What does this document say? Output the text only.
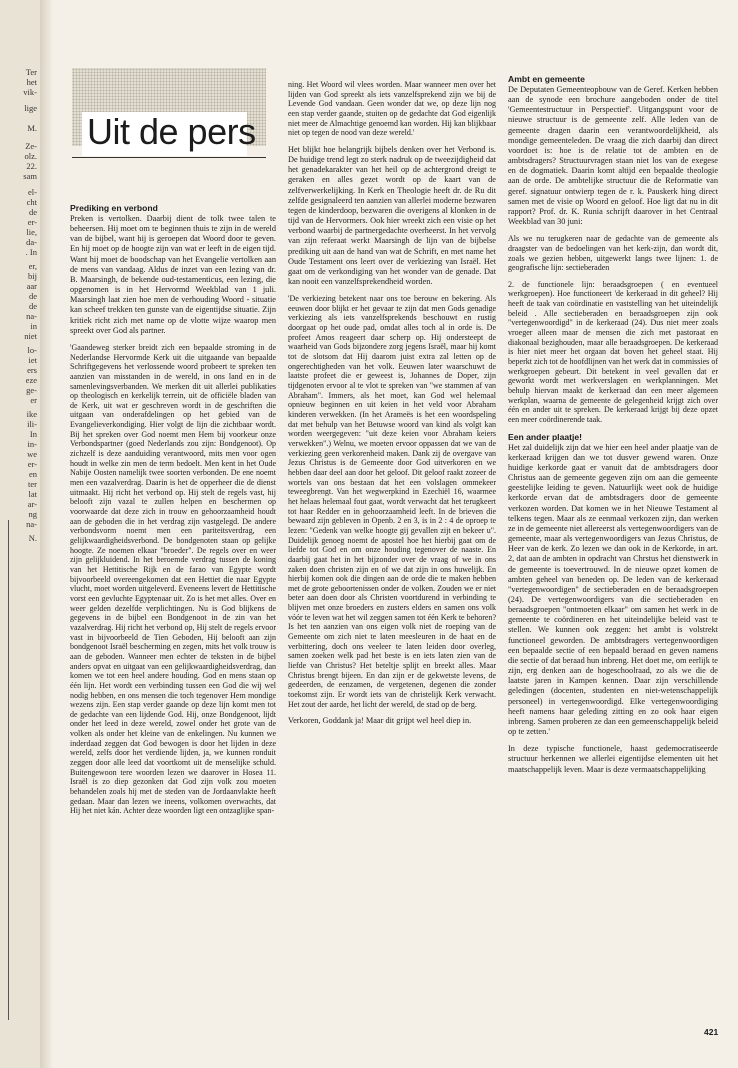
Ter
het
vik-
lige
M.
Ze-
olz.
22.
sam
el-
cht
de
er-
lie,
da-
. In
er,
bij
aar
de
de
na-
in
niet
lo-
iet
ers
eze
ge-
er
ike
ili-
In
in-
we
er-
en
ter
lat
ar-
ng
na-
N.
Uit de pers
Prediking en verbond

Preken is vertolken. Daarbij dient de tolk twee talen te beheersen. Hij moet om te beginnen thuis te zijn in de wereld van de bijbel, want hij is geroepen dat Woord door te geven. En hij moet op de hoogte zijn van wat er leeft in de eigen tijd. Want hij moet de boodschap van het Evangelie vertolken aan de mens van vandaag. Aldus de inzet van een lezing van dr. B. Maarsingh, de bekende oud-testamenticus, een lezing, die opgenomen is in het Hervormd Weekblad van 1 juli. Maarsingh laat zien hoe men de verhouding Woord - situatie kan scheef trekken ten gunste van de eigentijdse situatie. Zijn kritiek richt zich met name op de vlotte wijze waarop men spreekt over God als partner.

'Gaandeweg sterker breidt zich een bepaalde stroming in de Nederlandse Hervormde Kerk uit die uitgaande van bepaalde Schriftgegevens het verlossende woord probeert te spreken ten aanzien van misstanden in de wereld, in ons land en in de samenlevingsverbanden. We merken dit uit allerlei publikaties op theologisch en kerkelijk terrein, uit de officiële bladen van de Kerk, uit wat er geschreven wordt in de geschriften die uitgaan van onderafdelingen op het gebied van de Evangelieverkondiging. Hier volgt de lijn die zichtbaar wordt. Bij het spreken over God noemt men Hem bij voorkeur onze Verbondspartner (goed Nederlands zou zijn: Bondgenoot). Op zichzelf is deze aanduiding verantwoord, mits men voor ogen houdt in welke zin men de term bedoelt. Men kent in het Oude Nabije Oosten namelijk twee soorten verbonden. De ene noemt men een vazalverdrag. Daarin is het de opperheer die de dienst uitmaakt. Hij richt het verbond op. Hij stelt de regels vast, hij belooft zijn vazal te zullen helpen en beschermen op voorwaarde dat deze zich in trouw en gehoorzaamheid houdt aan de geboden die in het verdrag zijn vastgelegd. De andere verbondsvorm noemt men een pariteitsverdrag, een gelijkwaardigheidsverbond. De bondgenoten staan op gelijke hoogte. Ze noemen elkaar "broeder". De regels over en weer zijn gelijkluidend. In het beroemde verdrag tussen de koning van het Hettitische Rijk en de farao van Egypte wordt bijvoorbeeld overeengekomen dat een Hettiet die naar Egypte vlucht, moet worden uitgeleverd. Eveneens levert de Hettitische vorst een gevluchte Egyptenaar uit. Zo is het met alles. Over en weer gelden dezelfde verplichtingen. Nu is God blijkens de gegevens in de bijbel een Bondgenoot in de zin van het vazalverdrag. Hij richt het verbond op, Hij stelt de regels ervoor vast in bijvoorbeeld de Tien Geboden, Hij belooft aan zijn bondgenoot Israël bescherming en zegen, mits het volk trouw is aan de geboden. Wanneer men echter de teksten in de bijbel anders opvat en uitgaat van een gelijkwaardigheidsverdrag, dan komen we tot een heel andere houding. God en mens staan op één lijn. Het wordt een verbinding tussen een God die wij wel nodig hebben, en ons mensen die toch tegenover Hem mondige wezens zijn. Een stap verder gaande op deze lijn komt men tot de gedachte van een lijdende God. Hij, onze Bondgenoot, lijdt onder het leed in deze wereld, zowel onder het grote van de volken als onder het kleine van de enkelingen. Nu kunnen we inderdaad zeggen dat God bewogen is door het lijden in deze wereld, zelfs door het verdiende lijden, ja, we kunnen ronduit zeggen door alle leed dat voortkomt uit de menselijke schuld. Buitengewoon tere woorden lezen we daarover in Hosea 11. Israël is zo diep gezonken dat God zijn volk zou moeten behandelen zoals hij met de steden van de Jordaanvlakte heeft gedaan. Maar dan lezen we ineens, volkomen overwachts, dat Hij het niet kán. Achter deze woorden ligt een ontzaglijke span-

ning. Het Woord wil vlees worden. Maar wanneer men over het lijden van God spreekt als iets vanzelfsprekend zijn we bij de Levende God vandaan. Geen wonder dat we, op deze lijn nog een stap verder gaande, stuiten op de gedachte dat God eigenlijk niet meer de Almachtige genoemd kan worden. Hij kan blijkbaar niet op tegen de nood van deze wereld.'

Het blijkt hoe belangrijk bijbels denken over het Verbond is. De huidige trend legt zo sterk nadruk op de tweezijdigheid dat het genadekarakter van het heil op de achtergrond dreigt te geraken en alles gezet wordt op de kaart van de zelfverwerkelijking. In Kerk en Theologie heeft dr. de Ru dit zelfde gesignaleerd ten aanzien van allerlei moderne bezwaren tegen de kinderdoop, bezwaren die overigens al klonken in de tijd van de Hervormers. Ook hier wreekt zich een visie op het verbond waarbij de partnergedachte overheerst. In het vervolg van zijn referaat werkt Maarsingh de lijn van de bijbelse prediking uit aan de hand van wat de Schrift, en met name het Oude Testament ons leert over de verkiezing van Israël. Het gaat om de verkondiging van het wonder van de genade. Dat kan nooit een vanzelfsprekendheid worden.

'De verkiezing betekent naar ons toe berouw en bekering. Als eeuwen door blijkt er het gevaar te zijn dat men Gods genadige verkiezing als iets vanzelfsprekends beschouwt en rustig doorgaat op het oude pad, omdat alles toch al in orde is. De profeet Amos reageert daar scherp op. Hij ondersteept de waarheid van Gods bijzondere zorg jegens Israël, maar hij komt tot de slotsom dat Hij daarom juist extra zal letten op de ongerechtigheden van het volk. Eeuwen later waarschuwt de laatste profeet die er geweest is, Johannes de Doper, zijn tijdgenoten ervoor al te vlot te spreken van "we stammen af van Abraham". Immers, als het moet, kan God wel helemaal opnieuw beginnen en uit keien in het veld voor Abraham kinderen verwekken. (In het Arameës is het een woordspeling dat met behulp van het Betuwse woord van kind als volgt kan worden weergegeven: "uit deze keien voor Abraham keiers verwekken".) Welnu, we moeten ervoor oppassen dat we van de verkiezing geen verkorenheid maken. Dank zij de overgave van Jezus Christus is de Gemeente door God uitverkoren en we hebben daar deel aan door het geloof. Dit geloof raakt zozeer de wortels van ons bestaan dat het een volslagen ommekeer teweegbrengt. Van het wegwerpkind in Ezechiël 16, waarmee het helaas helemaal fout gaat, wordt verwacht dat het terugkeert tot haar Redder en in gehoorzaamheid leeft. In de brieven die bewaard zijn gebleven in Openb. 2 en 3, is in 2 : 4 de oproep te lezen: "Gedenk van welke hoogte gij gevallen zijt en bekeer u". Duidelijk genoeg noemt de apostel hoe het hierbij gaat om de liefde tot God en om onze houding tegenover de naaste. En daarbij gaat het in het bijzonder over de vraag of we in ons zaken doen christen zijn en of we dat zijn in ons huwelijk. En hierbij komen ook die dingen aan de orde die te maken hebben met de grote geboortenissen onder de volken. Zouden we er niet beter aan doen door als Christen voortdurend in verbinding te blijven met onze broeders en zusters elders en samen ons volk vóór te leven wat het wil zeggen samen tot één Kerk te behoren? Is het ten aanzien van ons eigen volk niet de roeping van de Gemeente om zich niet te laten meesleuren in de haat en de verbittering, doch ons veeleer te laten leiden door overleg, samen zoeken welk pad het beste is en iets laten zien van de liefde van Christus? Het beteltje splijt en breekt alles. Maar Christus brengt bijeen. En dan zijn er de gekwetste levens, de gedeerden, de eenzamen, de vergetenen, degenen die zonder toekomst zijn. Er wordt iets van de christelijk Kerk verwacht. Het zout der aarde, het licht der wereld, de stad op de berg.

Verkoren, Goddank ja! Maar dit grijpt wel heel diep in.

Ambt en gemeente

De Deputaten Gemeenteopbouw van de Geref. Kerken hebben aan de synode een brochure aangeboden onder de titel 'Gemeentestructuur in Perspectief'. Uitgangspunt voor de nieuwe structuur is de gemeente zelf. Alle leden van de gemeente dragen daarin een verantwoordelijkheid, als mondige gemeenteleden. De vraag die zich daarbij dan direct voordoet is: hoe is de relatie tot de ambten en de ambtsdragers? Structuurvragen staan niet los van de exegese en de dogmatiek. Daarin komt altijd een bepaalde theologie aan de orde. De ambtelijke structuur die de Reformatie van geref. signatuur ontwierp tegen de r. k. Pauskerk hing direct samen met de visie op Woord en geloof. Hoe ligt dat nu in dit rapport? Prof. dr. K. Runia schrijft daarover in het Centraal Weekblad van 30 juni:

Als we nu terugkeren naar de gedachte van de gemeente als draagster van de bedoelingen van het kerk-zijn, dan wordt dit, zoals we gezien hebben, uitgewerkt langs twee lijnen: 1. de geografische lijn: sectieberaden

2. de functionele lijn: beraadsgroepen ( en eventueel werkgroepen). Hoe functioneert 'de kerkeraad in dit geheel? Hij heeft de taak van coördinatie en vaststelling van het uiteindelijk beleid . Alle sectieberaden en beraadsgroepen zijn ook "vertegenwoordigd" in de kerkeraad (24). Dus niet meer zoals vroeger alleen maar de mensen die zich met pastoraat en diakonaal bezighouden, maar alle beraadsgroepen. De kerkeraad is hier niet meer het orgaan dat boven het geheel staat. Hij beperkt zich tot de hoofdlijnen van het werk dat in commissies of werkgroepen gebeurt. Dit betekent in veel gevallen dat er geworkt wordt met werkverslagen en werkplanningen. Met behulp hiervan maakt de kerkeraad dan een meer algemeen werkplan, waarna de gemeente de gelegenheid krijgt zich over één en ander uit te spreken. De kerkeraad krijgt bij deze opzet een meer coördinerende taak.

Een ander plaatje!

Het zal duidelijk zijn dat we hier een heel ander plaatje van de kerkeraad krijgen dan we tot dusver gewend waren. Onze huidige kerkorde gaat er vanuit dat de ambtsdragers door Christus aan de gemeente gegeven zijn om aan die gemeente geestelijke leiding te geven. Natuurlijk weet ook de huidige kerkorde ervan dat de ambtsdragers door de gemeente verkozen worden. Dat komen we in het Nieuwe Testament al telkens tegen. Maar als ze eenmaal verkozen zijn, dan werken ze in de gemeente niet allereerst als vertegenwoordigers van de gemeente, maar als vertegenwoordigers van Jezus Christus, de Heer van de kerk. Zo lezen we dan ook in de Kerkorde, in art. 2, dat aan de ambten in opdracht van Chrstus het dienstwerk in de gemeente is toevertrouwd. In de nieuwe opzet komen de ambten geheel van beneden op. De leden van de kerkeraad "vertegenwoordigen" de sectieberaden en de beraadsgroepen (24). De vertegenwoordigers van die sectieberaden en beraadsgroepen "ontmoeten elkaar" om samen het werk in de gemeente te coördineren en het uiteindelijke beleid vast te stellen. We kunnen ook zeggen: het ambt is volstrekt functioneel geworden. De ambtsdragers vertegenwoordigen een bepaalde sectie of een bepaald beraad en geven namens die sectie of dat beraad hun inbreng. Het doet me, om eerlijk te zijn, erg denken aan de hogeschoolraad, zo als we die de laatste jaren in Kampen kennen. Daar zijn verschillende geledingen (docenten, studenten en niet-wetenschappelijk personeel) in vertegenwoordigd. Elke vertegenwoordiging heeft namens haar geleding zitting en zo ook haar eigen inbreng. Samen proberen ze dan een gemeenschappelijk beleid op te zetten.'

In deze typische functionele, haast gedemocratiseerde structuur herkennen we allerlei eigentijdse elementen uit het maatschappelijk leven. Maar is deze vermaatschappelijking

421
